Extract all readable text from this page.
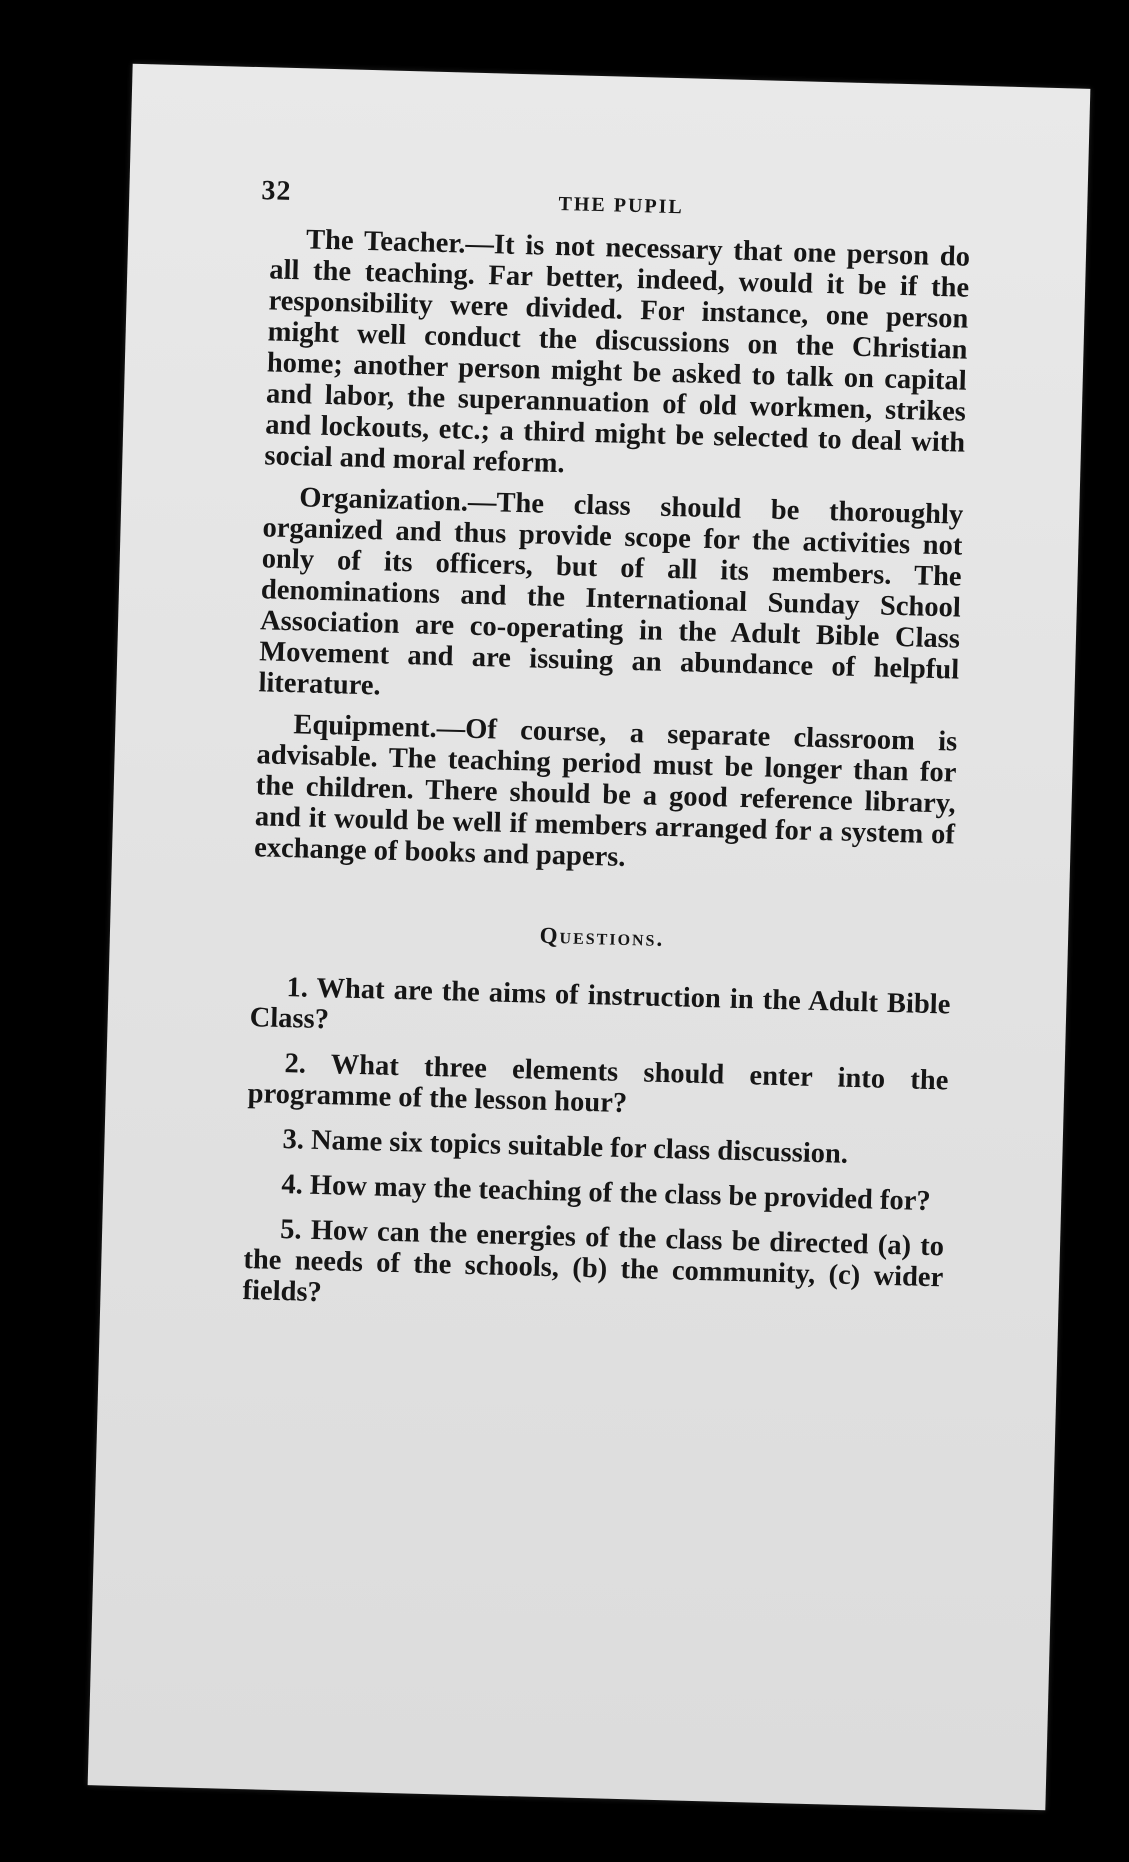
32	THE PUPIL

The Teacher.—It is not necessary that one person do all the teaching. Far better, indeed, would it be if the responsibility were divided. For instance, one person might well conduct the discussions on the Christian home; another person might be asked to talk on capital and labor, the superannuation of old workmen, strikes and lockouts, etc.; a third might be selected to deal with social and moral reform.

Organization.—The class should be thoroughly organized and thus provide scope for the activities not only of its officers, but of all its members. The denominations and the International Sunday School Association are co-operating in the Adult Bible Class Movement and are issuing an abundance of helpful literature.

Equipment.—Of course, a separate classroom is advisable. The teaching period must be longer than for the children. There should be a good reference library, and it would be well if members arranged for a system of exchange of books and papers.

Questions.
1. What are the aims of instruction in the Adult Bible Class?
2. What three elements should enter into the programme of the lesson hour?
3. Name six topics suitable for class discussion.
4. How may the teaching of the class be provided for?
5. How can the energies of the class be directed (a) to the needs of the schools, (b) the community, (c) wider fields?
